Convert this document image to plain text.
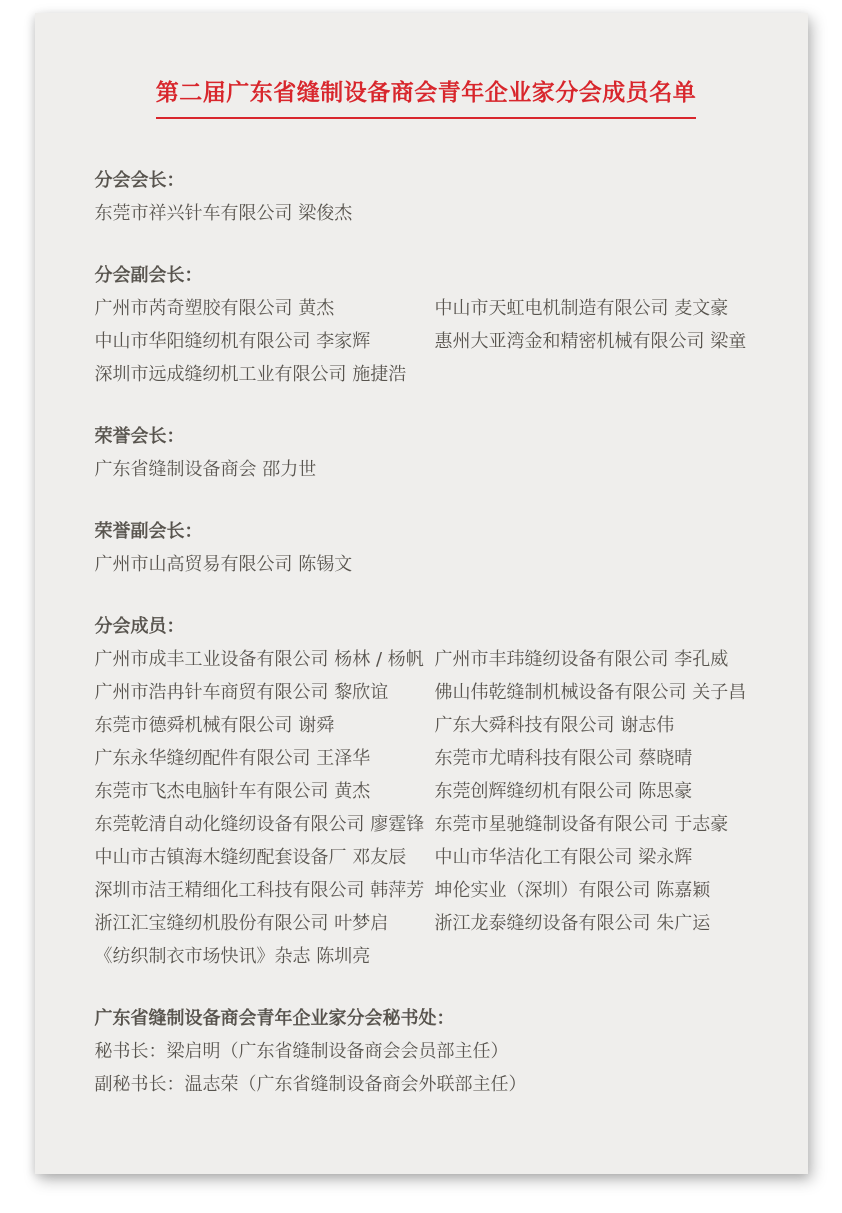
第二届广东省缝制设备商会青年企业家分会成员名单
分会会长：
东莞市祥兴针车有限公司 梁俊杰
分会副会长：
广州市芮奇塑胶有限公司 黄杰
中山市华阳缝纫机有限公司 李家辉
深圳市远成缝纫机工业有限公司 施捷浩
中山市天虹电机制造有限公司 麦文豪
惠州大亚湾金和精密机械有限公司 梁童
荣誉会长：
广东省缝制设备商会 邵力世
荣誉副会长：
广州市山高贸易有限公司 陈锡文
分会成员：
广州市成丰工业设备有限公司 杨林 / 杨帆
广州市浩冉针车商贸有限公司 黎欣谊
东莞市德舜机械有限公司 谢舜
广东永华缝纫配件有限公司 王泽华
东莞市飞杰电脑针车有限公司 黄杰
东莞乾清自动化缝纫设备有限公司 廖霆锋
中山市古镇海木缝纫配套设备厂 邓友辰
深圳市洁王精细化工科技有限公司 韩萍芳
浙江汇宝缝纫机股份有限公司 叶梦启
《纺织制衣市场快讯》杂志 陈圳亮
广州市丰玮缝纫设备有限公司 李孔威
佛山伟乾缝制机械设备有限公司 关子昌
广东大舜科技有限公司 谢志伟
东莞市尤晴科技有限公司 蔡晓晴
东莞创辉缝纫机有限公司 陈思豪
东莞市星驰缝制设备有限公司 于志豪
中山市华洁化工有限公司 梁永辉
坤伦实业（深圳）有限公司 陈嘉颖
浙江龙泰缝纫设备有限公司 朱广运
广东省缝制设备商会青年企业家分会秘书处：
秘书长：梁启明（广东省缝制设备商会会员部主任）
副秘书长：温志荣（广东省缝制设备商会外联部主任）
